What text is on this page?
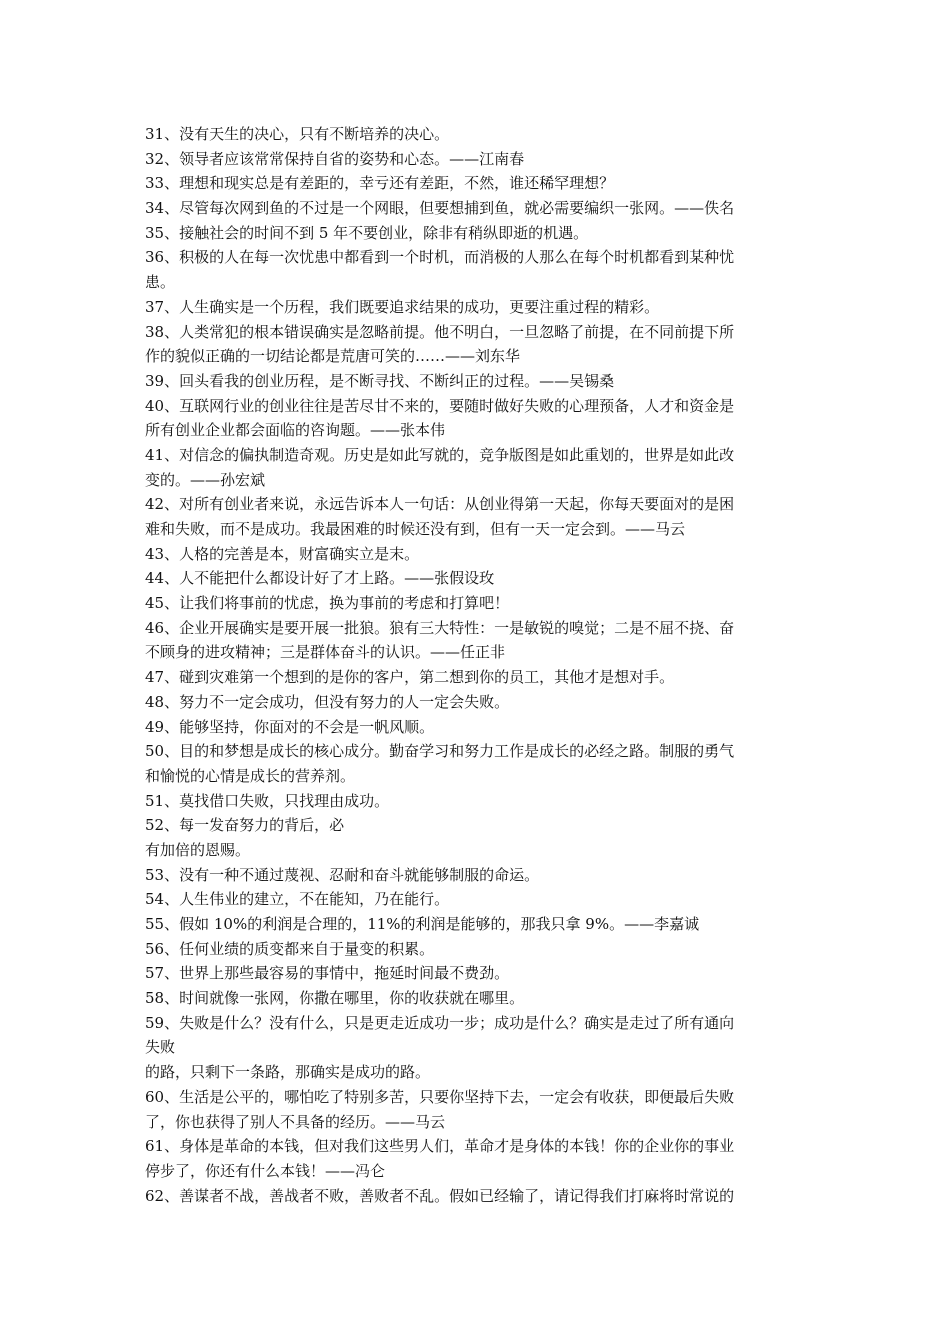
31、没有天生的决心，只有不断培养的决心。
32、领导者应该常常保持自省的姿势和心态。——江南春
33、理想和现实总是有差距的，幸亏还有差距，不然，谁还稀罕理想？
34、尽管每次网到鱼的不过是一个网眼，但要想捕到鱼，就必需要编织一张网。——佚名
35、接触社会的时间不到 5 年不要创业，除非有稍纵即逝的机遇。
36、积极的人在每一次忧患中都看到一个时机，而消极的人那么在每个时机都看到某种忧
患。
37、人生确实是一个历程，我们既要追求结果的成功，更要注重过程的精彩。
38、人类常犯的根本错误确实是忽略前提。他不明白，一旦忽略了前提，在不同前提下所
作的貌似正确的一切结论都是荒唐可笑的……——刘东华
39、回头看我的创业历程，是不断寻找、不断纠正的过程。——吴锡桑
40、互联网行业的创业往往是苦尽甘不来的，要随时做好失败的心理预备，人才和资金是
所有创业企业都会面临的咨询题。——张本伟
41、对信念的偏执制造奇观。历史是如此写就的，竞争版图是如此重划的，世界是如此改
变的。——孙宏斌
42、对所有创业者来说，永远告诉本人一句话：从创业得第一天起，你每天要面对的是困
难和失败，而不是成功。我最困难的时候还没有到，但有一天一定会到。——马云
43、人格的完善是本，财富确实立是末。
44、人不能把什么都设计好了才上路。——张假设玫
45、让我们将事前的忧虑，换为事前的考虑和打算吧！
46、企业开展确实是要开展一批狼。狼有三大特性：一是敏锐的嗅觉；二是不屈不挠、奋
不顾身的进攻精神；三是群体奋斗的认识。——任正非
47、碰到灾难第一个想到的是你的客户，第二想到你的员工，其他才是想对手。
48、努力不一定会成功，但没有努力的人一定会失败。
49、能够坚持，你面对的不会是一帆风顺。
50、目的和梦想是成长的核心成分。勤奋学习和努力工作是成长的必经之路。制服的勇气
和愉悦的心情是成长的营养剂。
51、莫找借口失败，只找理由成功。
52、每一发奋努力的背后，必
有加倍的恩赐。
53、没有一种不通过蔑视、忍耐和奋斗就能够制服的命运。
54、人生伟业的建立，不在能知，乃在能行。
55、假如 10%的利润是合理的，11%的利润是能够的，那我只拿 9%。——李嘉诚
56、任何业绩的质变都来自于量变的积累。
57、世界上那些最容易的事情中，拖延时间最不费劲。
58、时间就像一张网，你撒在哪里，你的收获就在哪里。
59、失败是什么？没有什么，只是更走近成功一步；成功是什么？确实是走过了所有通向
失败
的路，只剩下一条路，那确实是成功的路。
60、生活是公平的，哪怕吃了特别多苦，只要你坚持下去，一定会有收获，即便最后失败
了，你也获得了别人不具备的经历。——马云
61、身体是革命的本钱，但对我们这些男人们，革命才是身体的本钱！你的企业你的事业
停步了，你还有什么本钱！——冯仑
62、善谋者不战，善战者不败，善败者不乱。假如已经输了，请记得我们打麻将时常说的
